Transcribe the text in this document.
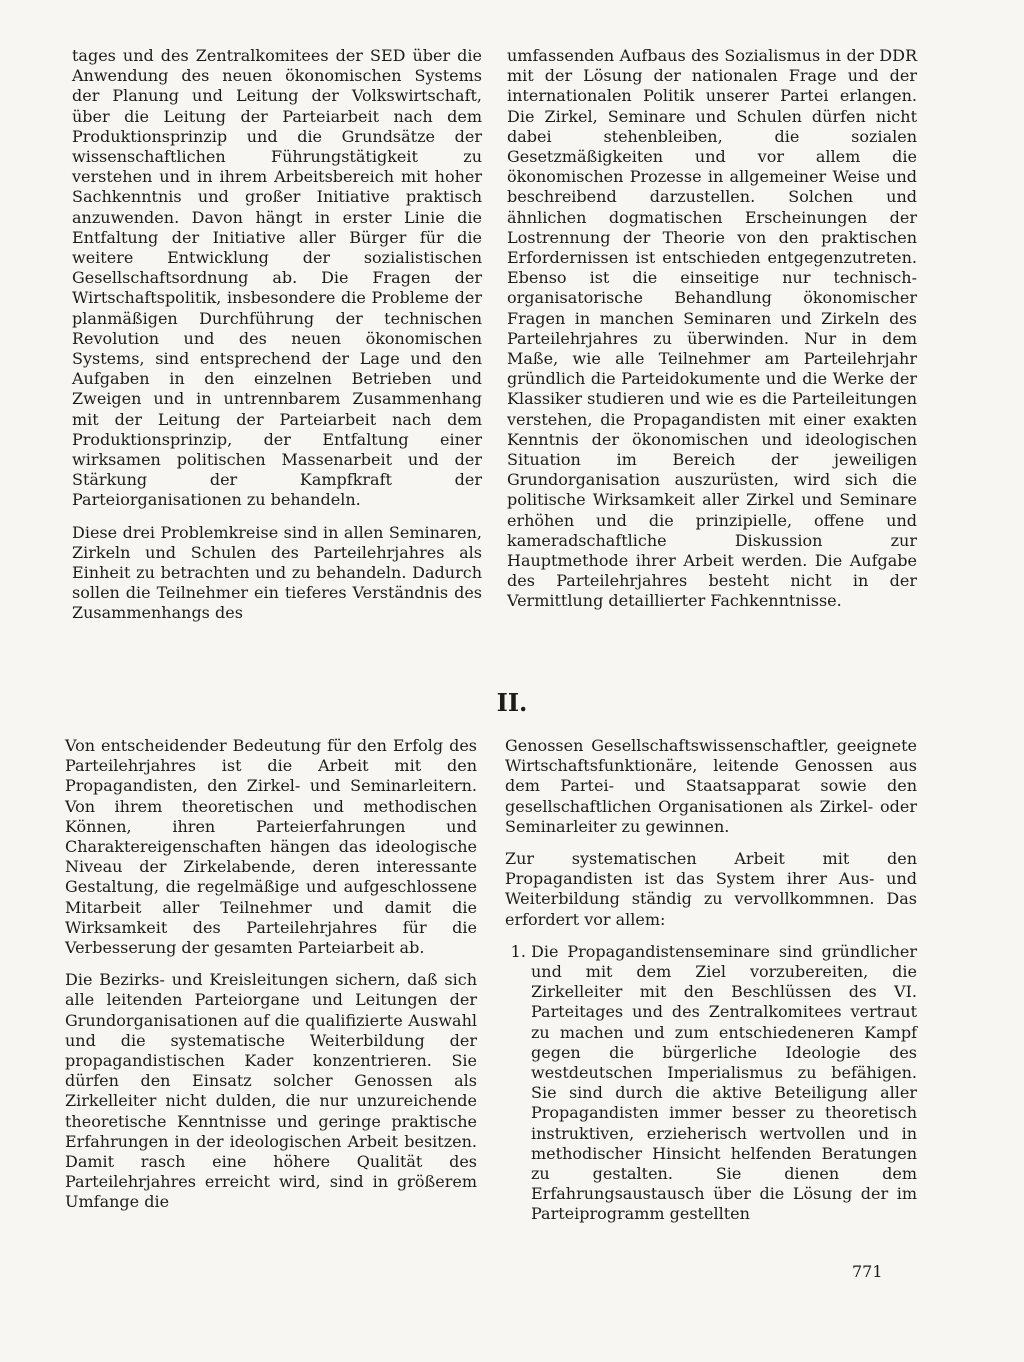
tages und des Zentralkomitees der SED über die Anwendung des neuen ökonomischen Systems der Planung und Leitung der Volkswirtschaft, über die Leitung der Parteiarbeit nach dem Produktionsprinzip und die Grundsätze der wissenschaftlichen Führungstätigkeit zu verstehen und in ihrem Arbeitsbereich mit hoher Sachkenntnis und großer Initiative praktisch anzuwenden. Davon hängt in erster Linie die Entfaltung der Initiative aller Bürger für die weitere Entwicklung der sozialistischen Gesellschaftsordnung ab. Die Fragen der Wirtschaftspolitik, insbesondere die Probleme der planmäßigen Durchführung der technischen Revolution und des neuen ökonomischen Systems, sind entsprechend der Lage und den Aufgaben in den einzelnen Betrieben und Zweigen und in untrennbarem Zusammenhang mit der Leitung der Parteiarbeit nach dem Produktionsprinzip, der Entfaltung einer wirksamen politischen Massenarbeit und der Stärkung der Kampfkraft der Parteiorganisationen zu behandeln.

Diese drei Problemkreise sind in allen Seminaren, Zirkeln und Schulen des Parteilehrjahres als Einheit zu betrachten und zu behandeln. Dadurch sollen die Teilnehmer ein tieferes Verständnis des Zusammenhangs des

umfassenden Aufbaus des Sozialismus in der DDR mit der Lösung der nationalen Frage und der internationalen Politik unserer Partei erlangen. Die Zirkel, Seminare und Schulen dürfen nicht dabei stehenbleiben, die sozialen Gesetzmäßigkeiten und vor allem die ökonomischen Prozesse in allgemeiner Weise und beschreibend darzustellen. Solchen und ähnlichen dogmatischen Erscheinungen der Lostrennung der Theorie von den praktischen Erfordernissen ist entschieden entgegenzutreten. Ebenso ist die einseitige nur technisch-organisatorische Behandlung ökonomischer Fragen in manchen Seminaren und Zirkeln des Parteilehrjahres zu überwinden. Nur in dem Maße, wie alle Teilnehmer am Parteilehrjahr gründlich die Parteidokumente und die Werke der Klassiker studieren und wie es die Parteileitungen verstehen, die Propagandisten mit einer exakten Kenntnis der ökonomischen und ideologischen Situation im Bereich der jeweiligen Grundorganisation auszurüsten, wird sich die politische Wirksamkeit aller Zirkel und Seminare erhöhen und die prinzipielle, offene und kameradschaftliche Diskussion zur Hauptmethode ihrer Arbeit werden. Die Aufgabe des Parteilehrjahres besteht nicht in der Vermittlung detaillierter Fachkenntnisse.

II.

Von entscheidender Bedeutung für den Erfolg des Parteilehrjahres ist die Arbeit mit den Propagandisten, den Zirkel- und Seminarleitern. Von ihrem theoretischen und methodischen Können, ihren Parteierfahrungen und Charaktereigenschaften hängen das ideologische Niveau der Zirkelabende, deren interessante Gestaltung, die regelmäßige und aufgeschlossene Mitarbeit aller Teilnehmer und damit die Wirksamkeit des Parteilehrjahres für die Verbesserung der gesamten Parteiarbeit ab.

Die Bezirks- und Kreisleitungen sichern, daß sich alle leitenden Parteiorgane und Leitungen der Grundorganisationen auf die qualifizierte Auswahl und die systematische Weiterbildung der propagandistischen Kader konzentrieren. Sie dürfen den Einsatz solcher Genossen als Zirkelleiter nicht dulden, die nur unzureichende theoretische Kenntnisse und geringe praktische Erfahrungen in der ideologischen Arbeit besitzen. Damit rasch eine höhere Qualität des Parteilehrjahres erreicht wird, sind in größerem Umfange die

Genossen Gesellschaftswissenschaftler, geeignete Wirtschaftsfunktionäre, leitende Genossen aus dem Partei- und Staatsapparat sowie den gesellschaftlichen Organisationen als Zirkel- oder Seminarleiter zu gewinnen.

Zur systematischen Arbeit mit den Propagandisten ist das System ihrer Aus- und Weiterbildung ständig zu vervollkommnen. Das erfordert vor allem:

1. Die Propagandistenseminare sind gründlicher und mit dem Ziel vorzubereiten, die Zirkelleiter mit den Beschlüssen des VI. Parteitages und des Zentralkomitees vertraut zu machen und zum entschiedeneren Kampf gegen die bürgerliche Ideologie des westdeutschen Imperialismus zu befähigen. Sie sind durch die aktive Beteiligung aller Propagandisten immer besser zu theoretisch instruktiven, erzieherisch wertvollen und in methodischer Hinsicht helfenden Beratungen zu gestalten. Sie dienen dem Erfahrungsaustausch über die Lösung der im Parteiprogramm gestellten
771
